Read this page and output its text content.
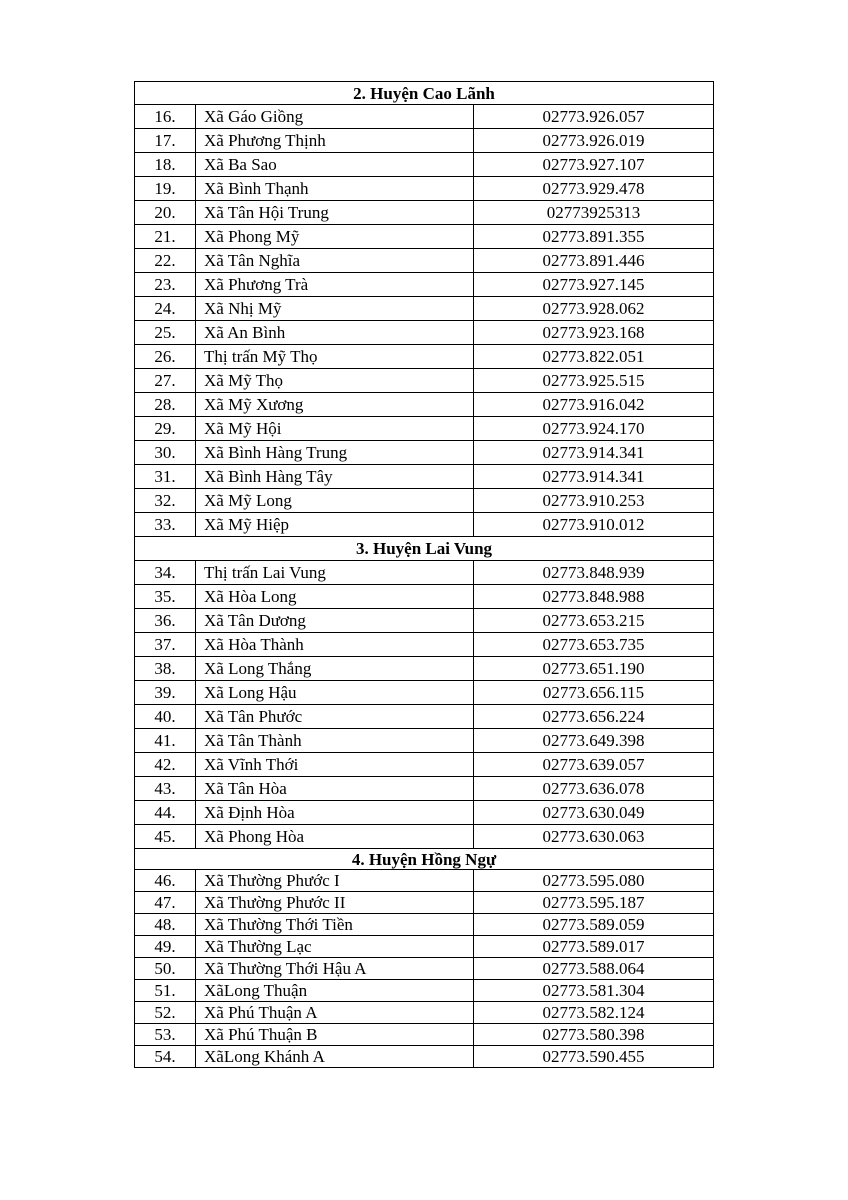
2. Huyện Cao Lãnh		
16.	Xã Gáo Giồng	02773.926.057
17.	Xã Phương Thịnh	02773.926.019
18.	Xã Ba Sao	02773.927.107
19.	Xã Bình Thạnh	02773.929.478
20.	Xã Tân Hội Trung	02773925313
21.	Xã Phong Mỹ	02773.891.355
22.	Xã Tân Nghĩa	02773.891.446
23.	Xã Phương Trà	02773.927.145
24.	Xã Nhị Mỹ	02773.928.062
25.	Xã An Bình	02773.923.168
26.	Thị trấn Mỹ Thọ	02773.822.051
27.	Xã Mỹ Thọ	02773.925.515
28.	Xã Mỹ Xương	02773.916.042
29.	Xã Mỹ Hội	02773.924.170
30.	Xã Bình Hàng Trung	02773.914.341
31.	Xã Bình Hàng Tây	02773.914.341
32.	Xã Mỹ Long	02773.910.253
33.	Xã Mỹ Hiệp	02773.910.012
3. Huyện Lai Vung		
34.	Thị trấn Lai Vung	02773.848.939
35.	Xã Hòa Long	02773.848.988
36.	Xã Tân Dương	02773.653.215
37.	Xã Hòa Thành	02773.653.735
38.	Xã Long Thắng	02773.651.190
39.	Xã Long Hậu	02773.656.115
40.	Xã Tân Phước	02773.656.224
41.	Xã Tân Thành	02773.649.398
42.	Xã Vĩnh Thới	02773.639.057
43.	Xã Tân Hòa	02773.636.078
44.	Xã Định Hòa	02773.630.049
45.	Xã Phong Hòa	02773.630.063
4. Huyện Hồng Ngự		
46.	Xã Thường Phước I	02773.595.080
47.	Xã Thường Phước II	02773.595.187
48.	Xã Thường Thới Tiền	02773.589.059
49.	Xã Thường Lạc	02773.589.017
50.	Xã Thường Thới Hậu A	02773.588.064
51.	XãLong Thuận	02773.581.304
52.	Xã Phú Thuận A	02773.582.124
53.	Xã Phú Thuận B	02773.580.398
54.	XãLong Khánh A	02773.590.455
